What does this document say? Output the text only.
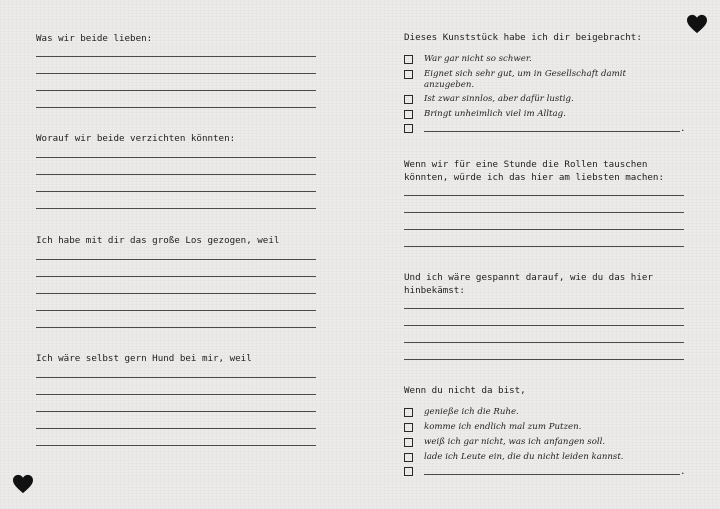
Was wir beide lieben:

Worauf wir beide verzichten könnten:

Ich habe mit dir das große Los gezogen, weil

Ich wäre selbst gern Hund bei mir, weil

Dieses Kunststück habe ich dir beigebracht:

War gar nicht so schwer.

Eignet sich sehr gut, um in Gesellschaft damit anzugeben.

Ist zwar sinnlos, aber dafür lustig.

Bringt unheimlich viel im Alltag.

.

Wenn wir für eine Stunde die Rollen tauschen
könnten, würde ich das hier am liebsten machen:

Und ich wäre gespannt darauf, wie du das hier
hinbekämst:

Wenn du nicht da bist,

genieße ich die Ruhe.

komme ich endlich mal zum Putzen.

weiß ich gar nicht, was ich anfangen soll.

lade ich Leute ein, die du nicht leiden kannst.

.
